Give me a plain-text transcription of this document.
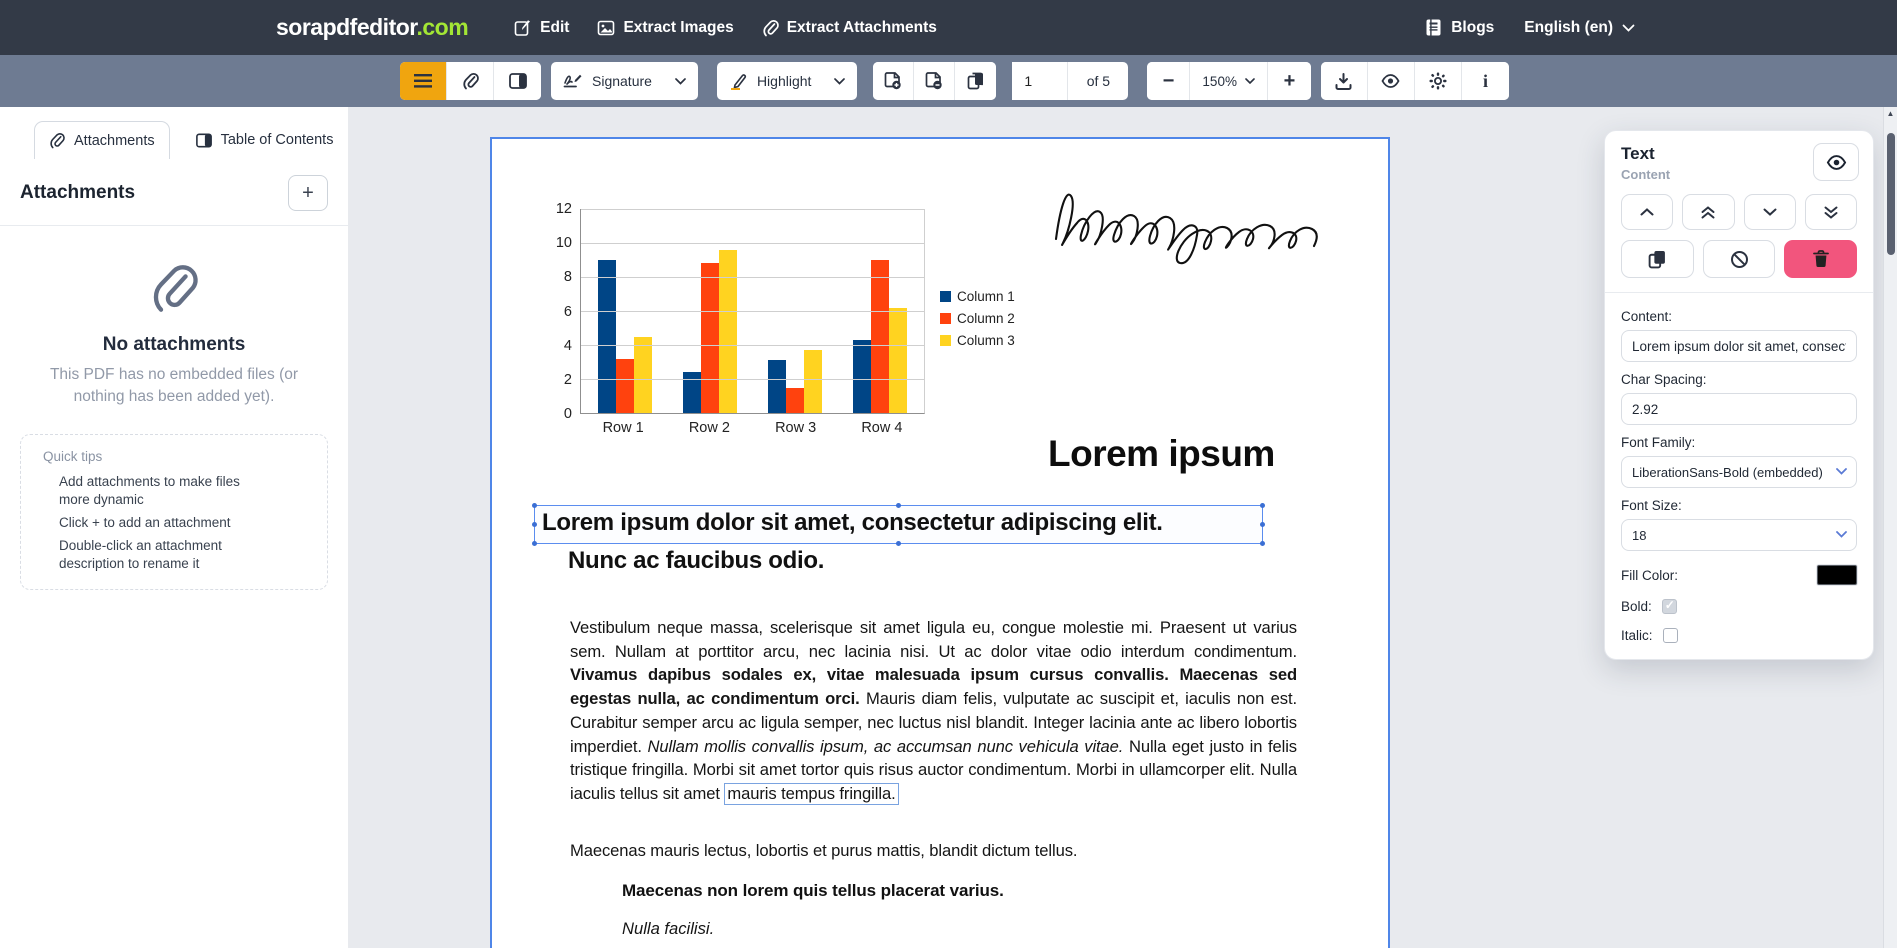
sorapdfeditor.com	Edit	Extract Images	Extract Attachments	Blogs English (en)
Signature	Highlight
1	of 5	−	150%	+	i
Attachments	Table of Contents
Attachments	+
No attachments
This PDF has no embedded files (or nothing has been added yet).
Quick tips
Add attachments to make files more dynamic
Click + to add an attachment
Double-click an attachment description to rename it
0
2
4
6
8
10
12
Row 1	Row 2	Row 3	Row 4
Column 1
Column 2
Column 3
Lorem ipsum
Lorem ipsum dolor sit amet, consectetur adipiscing elit.
Nunc ac faucibus odio.

Vestibulum neque massa, scelerisque sit amet ligula eu, congue molestie mi. Praesent ut varius sem. Nullam at porttitor arcu, nec lacinia nisi. Ut ac dolor vitae odio interdum condimentum. Vivamus dapibus sodales ex, vitae malesuada ipsum cursus convallis. Maecenas sed egestas nulla, ac condimentum orci. Mauris diam felis, vulputate ac suscipit et, iaculis non est. Curabitur semper arcu ac ligula semper, nec luctus nisl blandit. Integer lacinia ante ac libero lobortis imperdiet. Nullam mollis convallis ipsum, ac accumsan nunc vehicula vitae. Nulla eget justo in felis tristique fringilla. Morbi sit amet tortor quis risus auctor condimentum. Morbi in ullamcorper elit. Nulla iaculis tellus sit amet mauris tempus fringilla.

Maecenas mauris lectus, lobortis et purus mattis, blandit dictum tellus.

Maecenas non lorem quis tellus placerat varius.

Nulla facilisi.

Text
Content
Content:
Lorem ipsum dolor sit amet, consectetu
Char Spacing:
2.92
Font Family:
LiberationSans-Bold (embedded)
Font Size:
18
Fill Color:
Bold:
✓
Italic:
▲
